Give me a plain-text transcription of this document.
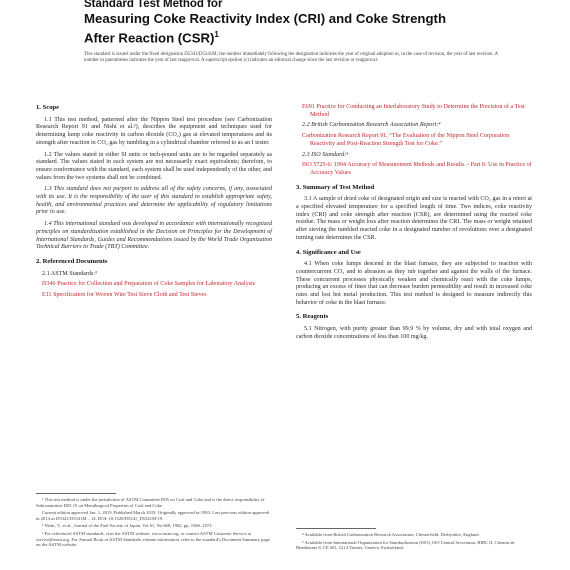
Standard Test Method for
Measuring Coke Reactivity Index (CRI) and Coke Strength
After Reaction (CSR)$^1$
This standard is issued under the fixed designation D5341/D5341M; the number immediately following the designation indicates the year of original adoption or, in the case of revision, the year of last revision. A number in parentheses indicates the year of last reapproval. A superscript epsilon (ε) indicates an editorial change since the last revision or reapproval.
1. Scope

1.1 This test method, patterned after the Nippon Steel test procedure (see Carbonization Research Report 91 and Nishi et al.²), describes the equipment and techniques used for determining lump coke reactivity in carbon dioxide (CO₂) gas at elevated temperatures and its strength after reaction in CO₂ gas by tumbling in a cylindrical chamber referred to as an I tester.

1.2 The values stated in either SI units or inch-pound units are to be regarded separately as standard. The values stated in each system are not necessarily exact equivalents; therefore, to ensure conformance with the standard, each system shall be used independently of the other, and values from the two systems shall not be combined.

1.3 This standard does not purport to address all of the safety concerns, if any, associated with its use. It is the responsibility of the user of this standard to establish appropriate safety, health, and environmental practices and determine the applicability of regulatory limitations prior to use.

1.4 This international standard was developed in accordance with internationally recognized principles on standardization established in the Decision on Principles for the Development of International Standards, Guides and Recommendations issued by the World Trade Organization Technical Barriers to Trade (TBT) Committee.

2. Referenced Documents
2.1 ASTM Standards:³
D346 Practice for Collection and Preparation of Coke Samples for Laboratory Analysis
E11 Specification for Woven Wire Test Sieve Cloth and Test Sieves
¹ This test method is under the jurisdiction of ASTM Committee D05 on Coal and Coke and is the direct responsibility of Subcommittee D05.15 on Metallurgical Properties of Coal and Coke.
Current edition approved Jan. 1, 2019. Published March 2019. Originally approved in 1993. Last previous edition approved in 2014 as D5341/D5341M – 14. DOI: 10.1520/D5341_D5341M-19.
² Nishi, T., et al., Journal of the Fuel Society of Japan, Vol 61, No 668, 1982, pp. 1066–1073.
³ For referenced ASTM standards, visit the ASTM website, www.astm.org, or contact ASTM Customer Service at service@astm.org. For Annual Book of ASTM Standards volume information, refer to the standard's Document Summary page on the ASTM website.
E691 Practice for Conducting an Interlaboratory Study to Determine the Precision of a Test Method
2.2 British Carbonization Research Association Report:⁴
Carbonization Research Report 91, “The Evaluation of the Nippon Steel Corporation Reactivity and Post-Reaction Strength Test for Coke.”
2.3 ISO Standard:⁵
ISO 5725-6: 1994 Accuracy of Measurement Methods and Results – Part 6: Use in Practice of Accuracy Values
3. Summary of Test Method

3.1 A sample of dried coke of designated origin and size is reacted with CO₂ gas in a retort at a specified elevated temperature for a specified length of time. Two indices, coke reactivity index (CRI) and coke strength after reaction (CSR), are determined using the reacted coke residue. The mass or weight loss after reaction determines the CRI. The mass or weight retained after sieving the tumbled reacted coke in a designated number of revolutions over a designated turning rate determines the CSR.

4. Significance and Use

4.1 When coke lumps descend in the blast furnace, they are subjected to reaction with countercurrent CO₂ and to abrasion as they rub together and against the walls of the furnace. These concurrent processes physically weaken and chemically react with the coke lumps, producing an excess of fines that can decrease burden permeability and result in increased coke rates and lost hot metal production. This test method is designed to measure indirectly this behavior of coke in the blast furnace.

5. Reagents

5.1 Nitrogen, with purity greater than 99.9 % by volume, dry and with total oxygen and carbon dioxide concentrations of less than 100 mg/kg.

⁴ Available from British Carbonization Research Association, Chesterfield, Derbyshire, England.
⁵ Available from International Organization for Standardization (ISO), ISO Central Secretariat, BIBC II, Chemin de Blandonnet 8, CP 401, 1214 Vernier, Geneva, Switzerland.
